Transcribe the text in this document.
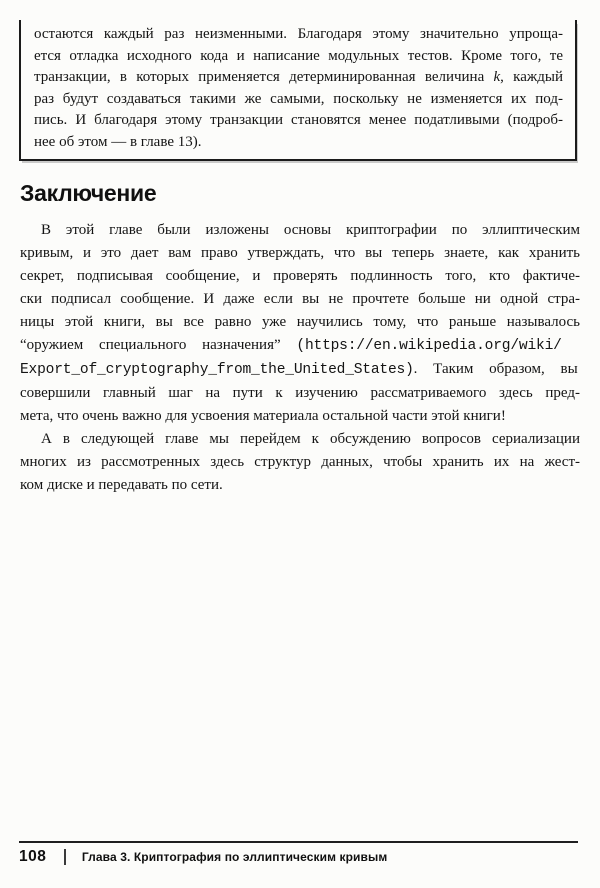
остаются каждый раз неизменными. Благодаря этому значительно упроща-
ется отладка исходного кода и написание модульных тестов. Кроме того, те
транзакции, в которых применяется детерминированная величина k, каждый
раз будут создаваться такими же самыми, поскольку не изменяется их под-
пись. И благодаря этому транзакции становятся менее податливыми (подроб-
нее об этом — в главе 13).
Заключение
В этой главе были изложены основы криптографии по эллиптическим
кривым, и это дает вам право утверждать, что вы теперь знаете, как хранить
секрет, подписывая сообщение, и проверять подлинность того, кто фактиче-
ски подписал сообщение. И даже если вы не прочтете больше ни одной стра-
ницы этой книги, вы все равно уже научились тому, что раньше называлось
“оружием специального назначения” (https://en.wikipedia.org/wiki/
Export_of_cryptography_from_the_United_States). Таким образом, вы
совершили главный шаг на пути к изучению рассматриваемого здесь пред-
мета, что очень важно для усвоения материала остальной части этой книги!
А в следующей главе мы перейдем к обсуждению вопросов сериализации
многих из рассмотренных здесь структур данных, чтобы хранить их на жест-
ком диске и передавать по сети.
108	Глава 3. Криптография по эллиптическим кривым
